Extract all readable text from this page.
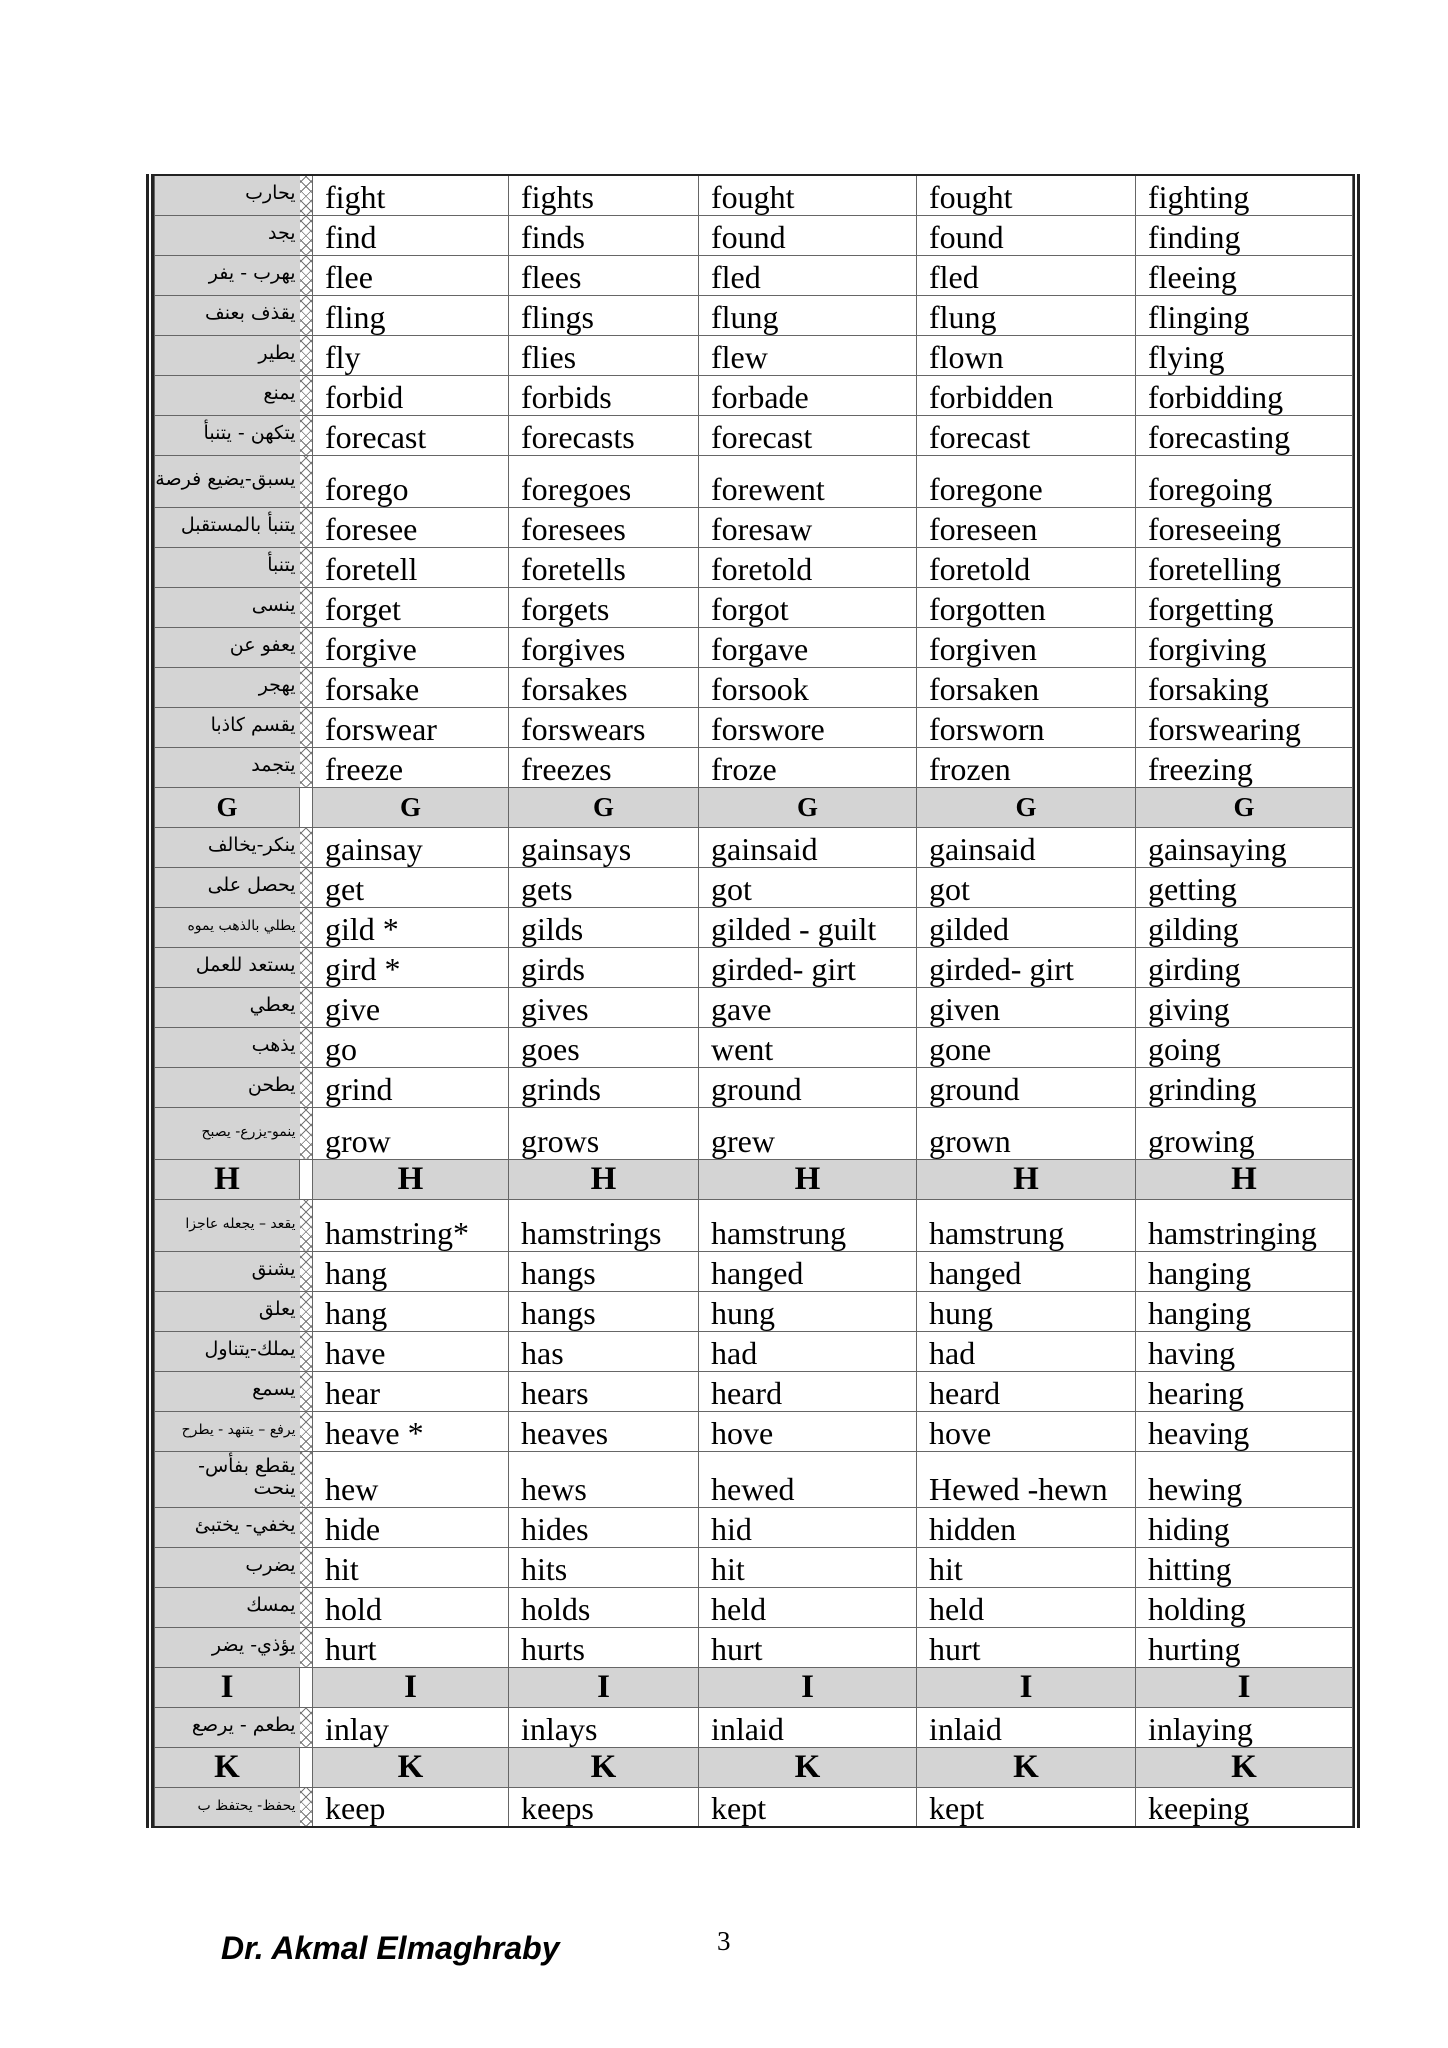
يحارب		fight	fights	fought	fought	fighting
يجد		find	finds	found	found	finding
يهرب - يفر		flee	flees	fled	fled	fleeing
يقذف بعنف		fling	flings	flung	flung	flinging
يطير		fly	flies	flew	flown	flying
يمنع		forbid	forbids	forbade	forbidden	forbidding
يتكهن - يتنبأ		forecast	forecasts	forecast	forecast	forecasting
يسبق-يضيع فرصة		forego	foregoes	forewent	foregone	foregoing
يتنبأ بالمستقبل		foresee	foresees	foresaw	foreseen	foreseeing
يتنبأ		foretell	foretells	foretold	foretold	foretelling
ينسى		forget	forgets	forgot	forgotten	forgetting
يعفو عن		forgive	forgives	forgave	forgiven	forgiving
يهجر		forsake	forsakes	forsook	forsaken	forsaking
يقسم كاذبا		forswear	forswears	forswore	forsworn	forswearing
يتجمد		freeze	freezes	froze	frozen	freezing
G		G	G	G	G	G
ينكر-يخالف		gainsay	gainsays	gainsaid	gainsaid	gainsaying
يحصل على		get	gets	got	got	getting
يطلي بالذهب يموه		gild *	gilds	gilded - guilt	gilded	gilding
يستعد للعمل		gird *	girds	girded- girt	girded- girt	girding
يعطي		give	gives	gave	given	giving
يذهب		go	goes	went	gone	going
يطحن		grind	grinds	ground	ground	grinding
ينمو-يزرع- يصبح		grow	grows	grew	grown	growing
H		H	H	H	H	H
يقعد – يجعله عاجزا		hamstring*	hamstrings	hamstrung	hamstrung	hamstringing
يشنق		hang	hangs	hanged	hanged	hanging
يعلق		hang	hangs	hung	hung	hanging
يملك-يتناول		have	has	had	had	having
يسمع		hear	hears	heard	heard	hearing
يرفع – يتنهد - يطرح		heave *	heaves	hove	hove	heaving
يقطع بفأس- ينحت		hew	hews	hewed	Hewed -hewn	hewing
يخفي- يختبئ		hide	hides	hid	hidden	hiding
يضرب		hit	hits	hit	hit	hitting
يمسك		hold	holds	held	held	holding
يؤذي- يضر		hurt	hurts	hurt	hurt	hurting
I		I	I	I	I	I
يطعم - يرصع		inlay	inlays	inlaid	inlaid	inlaying
K		K	K	K	K	K
يحفظ- يحتفظ ب		keep	keeps	kept	kept	keeping
Dr. Akmal Elmaghraby	3
